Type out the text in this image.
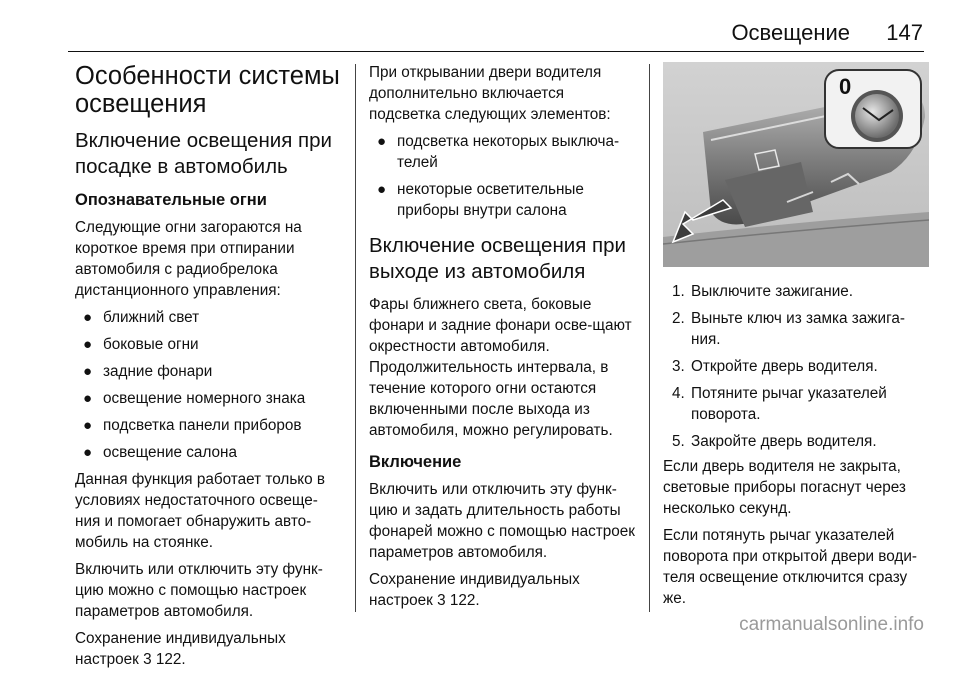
Освещение 147
Особенности системы освещения
Включение освещения при посадке в автомобиль
Опознавательные огни

Следующие огни загораются на короткое время при отпирании автомобиля с радиобрелока дистанционного управления:

● ближний свет
● боковые огни
● задние фонари
● освещение номерного знака
● подсветка панели приборов
● освещение салона

Данная функция работает только в условиях недостаточного освеще-ния и помогает обнаружить авто-мобиль на стоянке.

Включить или отключить эту функ-цию можно с помощью настроек параметров автомобиля.

Сохранение индивидуальных настроек 3 122.

При открывании двери водителя дополнительно включается подсветка следующих элементов:

● подсветка некоторых выключа-телей
● некоторые осветительные приборы внутри салона
Включение освещения при выходе из автомобиля

Фары ближнего света, боковые фонари и задние фонари осве-щают окрестности автомобиля. Продолжительность интервала, в течение которого огни остаются включенными после выхода из автомобиля, можно регулировать.

Включение

Включить или отключить эту функ-цию и задать длительность работы фонарей можно с помощью настроек параметров автомобиля.

Сохранение индивидуальных настроек 3 122.

0
1. Выключите зажигание.
2. Выньте ключ из замка зажига-ния.
3. Откройте дверь водителя.
4. Потяните рычаг указателей поворота.
5. Закройте дверь водителя.

Если дверь водителя не закрыта, световые приборы погаснут через несколько секунд.

Если потянуть рычаг указателей поворота при открытой двери води-теля освещение отключится сразу же.

carmanualsonline.info
